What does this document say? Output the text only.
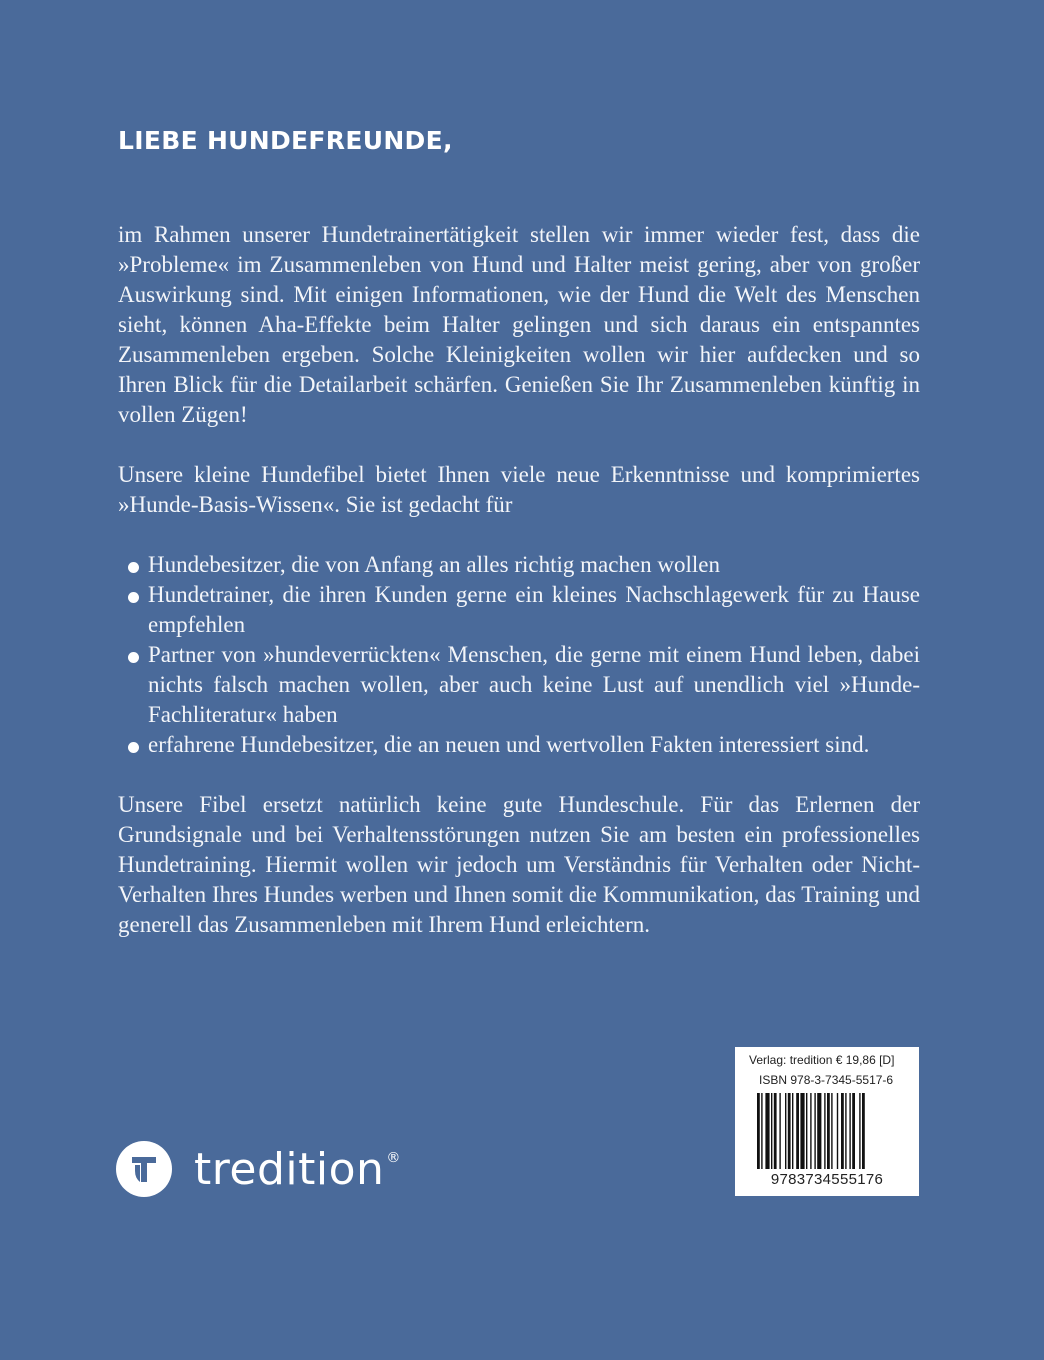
LIEBE HUNDEFREUNDE,

im Rahmen unserer Hundetrainertätigkeit stellen wir immer wieder fest, dass die »Probleme« im Zusammenleben von Hund und Halter meist gering, aber von großer Auswirkung sind. Mit einigen Informationen, wie der Hund die Welt des Menschen sieht, können Aha-Effekte beim Halter gelingen und sich daraus ein entspanntes Zusammenleben ergeben. Solche Kleinigkeiten wollen wir hier aufdecken und so Ihren Blick für die Detailarbeit schärfen. Genießen Sie Ihr Zusammenleben künftig in vollen Zügen!

Unsere kleine Hundefibel bietet Ihnen viele neue Erkenntnisse und komprimiertes »Hunde-Basis-Wissen«. Sie ist gedacht für

Hundebesitzer, die von Anfang an alles richtig machen wollen
Hundetrainer, die ihren Kunden gerne ein kleines Nachschlagewerk für zu Hause empfehlen
Partner von »hundeverrückten« Menschen, die gerne mit einem Hund leben, dabei nichts falsch machen wollen, aber auch keine Lust auf unendlich viel »Hunde-Fachliteratur« haben
erfahrene Hundebesitzer, die an neuen und wertvollen Fakten interessiert sind.

Unsere Fibel ersetzt natürlich keine gute Hundeschule. Für das Erlernen der Grundsignale und bei Verhaltensstörungen nutzen Sie am besten ein professionelles Hundetraining. Hiermit wollen wir jedoch um Verständnis für Verhalten oder Nicht-Verhalten Ihres Hundes werben und Ihnen somit die Kommunikation, das Training und generell das Zusammenleben mit Ihrem Hund erleichtern.

tredition ®
Verlag: tredition € 19,86 [D]
ISBN 978-3-7345-5517-6
9783734555176
